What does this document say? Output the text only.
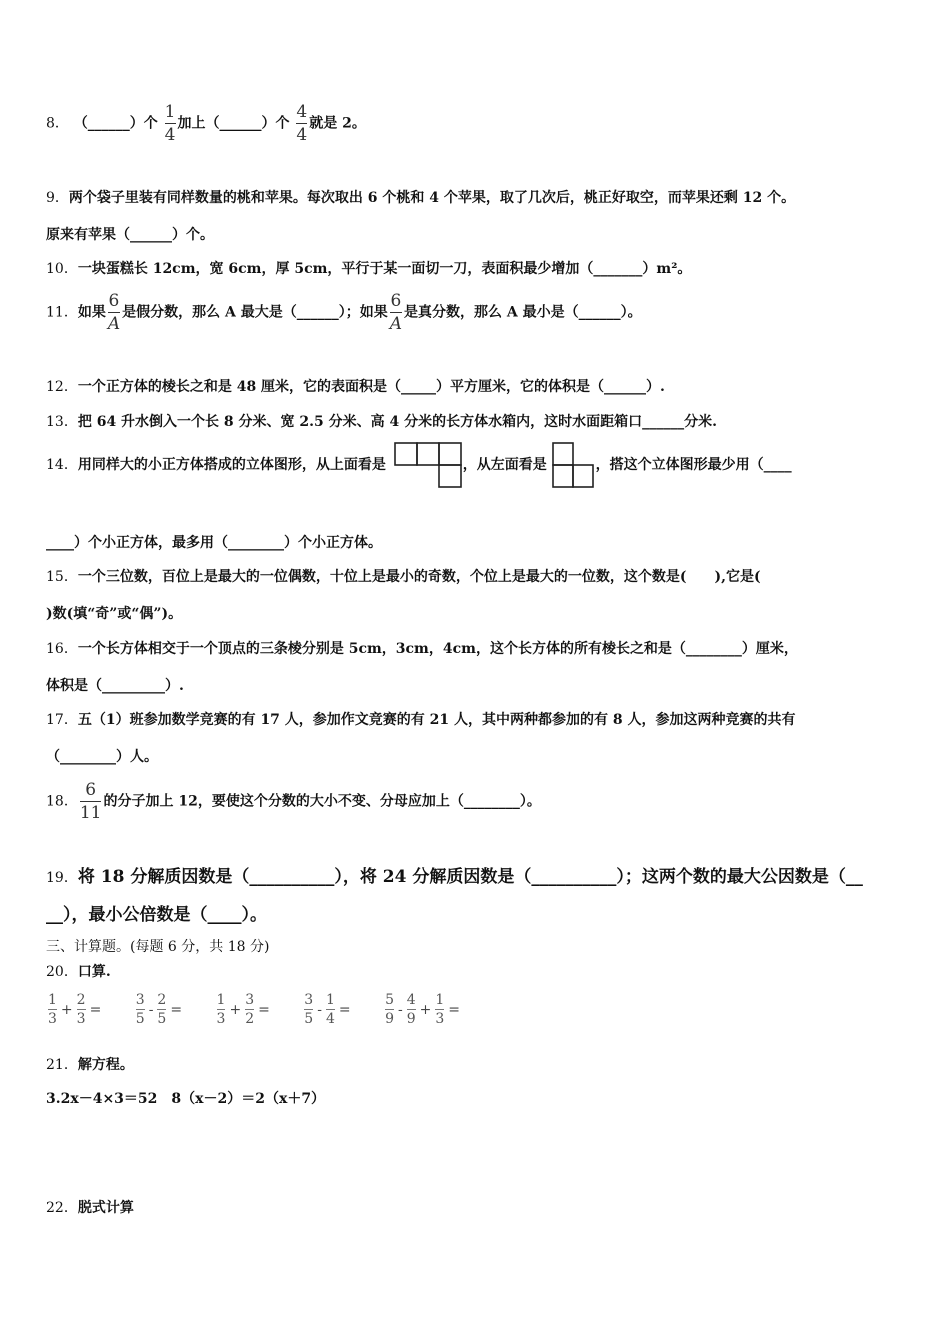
8． （______）个 $\frac{1}{4}$ 加上（______）个 $\frac{4}{4}$ 就是 2。
9．两个袋子里装有同样数量的桃和苹果。每次取出 6 个桃和 4 个苹果，取了几次后，桃正好取空，而苹果还剩 12 个。
原来有苹果（______）个。
10．一块蛋糕长 12cm，宽 6cm，厚 5cm，平行于某一面切一刀，表面积最少增加（_______）m²。
11．如果 $\frac{6}{A}$ 是假分数，那么 A 最大是（______）；如果 $\frac{6}{A}$ 是真分数，那么 A 最小是（______）。
12．一个正方体的棱长之和是 48 厘米，它的表面积是（_____）平方厘米，它的体积是（______）.
13．把 64 升水倒入一个长 8 分米、宽 2.5 分米、高 4 分米的长方体水箱内，这时水面距箱口______分米.
14．用同样大的小正方体搭成的立体图形，从上面看是	，从左面看是	，搭这个立体图形最少用（____
____）个小正方体，最多用（________）个小正方体。
15．一个三位数，百位上是最大的一位偶数，十位上是最小的奇数，个位上是最大的一位数，这个数是(　　),它是(
)数(填“奇”或“偶”)。
16．一个长方体相交于一个顶点的三条棱分别是 5cm，3cm，4cm，这个长方体的所有棱长之和是（________）厘米，
体积是（_________）.
17．五（1）班参加数学竞赛的有 17 人，参加作文竞赛的有 21 人，其中两种都参加的有 8 人，参加这两种竞赛的共有
（________）人。
18． $\frac{6}{11}$ 的分子加上 12，要使这个分数的大小不变、分母应加上（________）。
19．将 18 分解质因数是（__________），将 24 分解质因数是（__________）；这两个数的最大公因数是（__
__），最小公倍数是（____）。
三、计算题。(每题 6 分，共 18 分)
20．口算.
$\frac{1}{3} + \frac{2}{3} = \frac{3}{5} - \frac{2}{5} = \frac{1}{3} + \frac{3}{2} = \frac{3}{5} - \frac{1}{4} = \frac{5}{9} - \frac{4}{9} + \frac{1}{3}$ =
21．解方程。
3.2x－4×3＝52　8（x－2）＝2（x＋7）
22．脱式计算
